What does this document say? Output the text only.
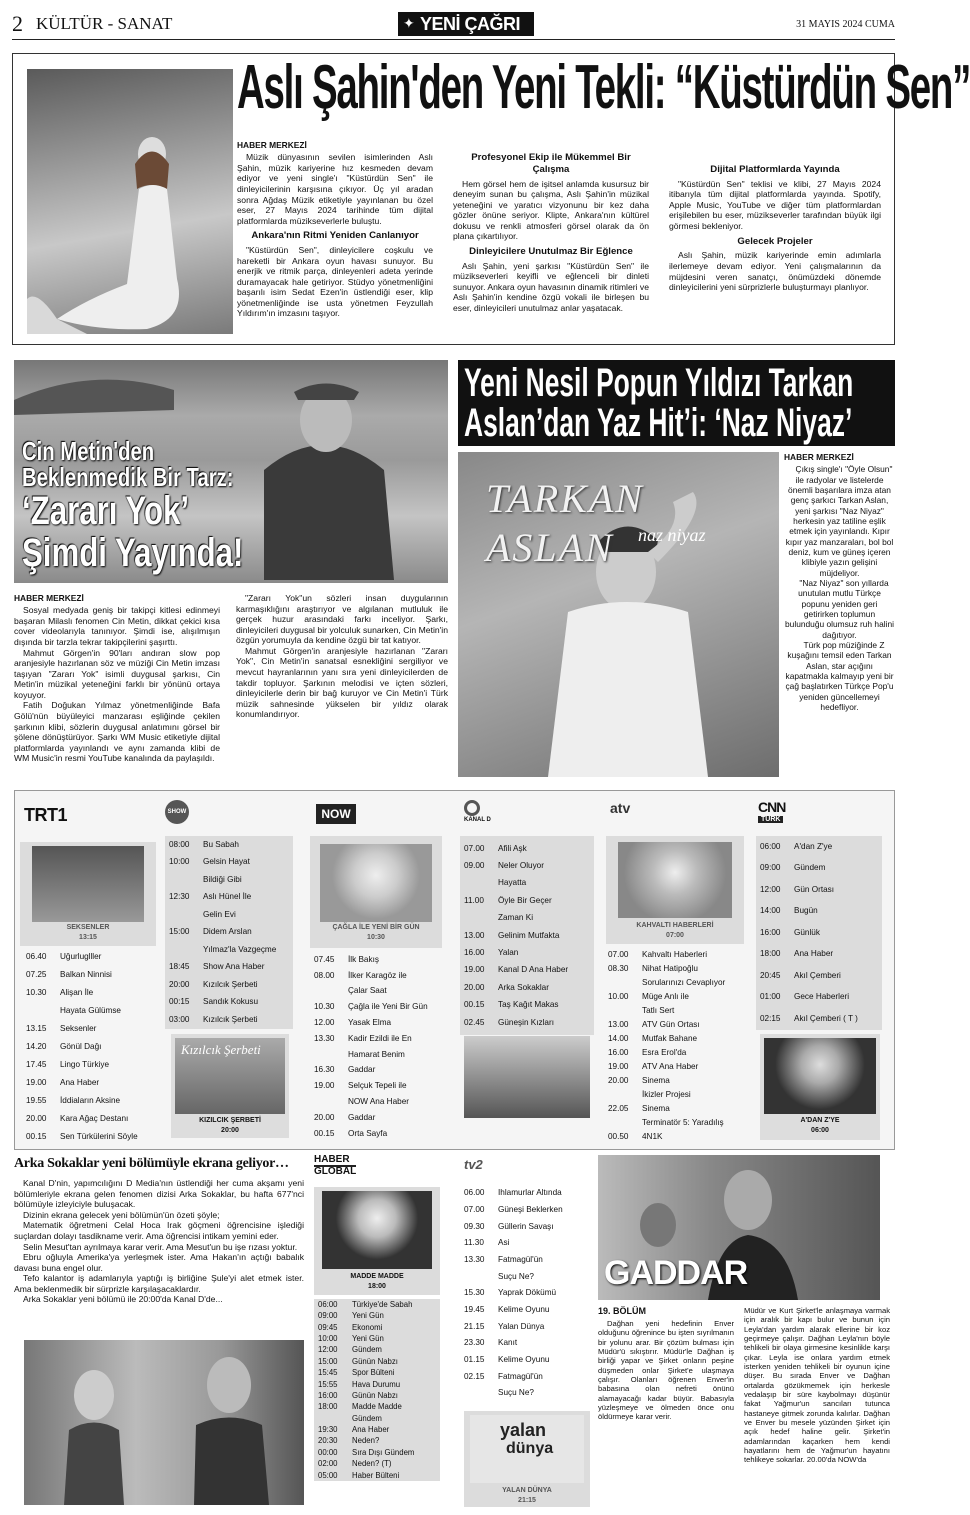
2 KÜLTÜR - SANAT	✦ YENİ ÇAĞRI	31 MAYIS 2024 CUMA
Aslı Şahin'den Yeni Tekli: “Küstürdün Sen”
HABER MERKEZİ

Müzik dünyasının sevilen isimlerinden Aslı Şahin, müzik kariyerine hız kesmeden devam ediyor ve yeni single'ı "Küstürdün Sen" ile dinleyicilerinin karşısına çıkıyor. Üç yıl aradan sonra Ağdaş Müzik etiketiyle yayınlanan bu özel eser, 27 Mayıs 2024 tarihinde tüm dijital platformlarda müzikseverlerle buluştu.

Ankara'nın Ritmi Yeniden Canlanıyor

"Küstürdün Sen", dinleyicilere coşkulu ve hareketli bir Ankara oyun havası sunuyor. Bu enerjik ve ritmik parça, dinleyenleri adeta yerinde duramayacak hale getiriyor. Stüdyo yönetmenliğini başarılı isim Sedat Ezen'in üstlendiği eser, klip yönetmenliğinde ise usta yönetmen Feyzullah Yıldırım'ın imzasını taşıyor.

Profesyonel Ekip ile Mükemmel Bir Çalışma

Hem görsel hem de işitsel anlamda kusursuz bir deneyim sunan bu çalışma, Aslı Şahin'in müzikal yeteneğini ve yaratıcı vizyonunu bir kez daha gözler önüne seriyor. Klipte, Ankara'nın kültürel dokusu ve renkli atmosferi görsel olarak da ön plana çıkartılıyor.

Dinleyicilere Unutulmaz Bir Eğlence

Aslı Şahin, yeni şarkısı "Küstürdün Sen" ile müzikseverleri keyifli ve eğlenceli bir dinleti sunuyor. Ankara oyun havasının dinamik ritimleri ve Aslı Şahin'in kendine özgü vokali ile birleşen bu eser, dinleyicileri unutulmaz anlar yaşatacak.

Dijital Platformlarda Yayında

"Küstürdün Sen" teklisi ve klibi, 27 Mayıs 2024 itibarıyla tüm dijital platformlarda yayında. Spotify, Apple Music, YouTube ve diğer tüm platformlardan erişilebilen bu eser, müzikseverler tarafından büyük ilgi görmesi bekleniyor.

Gelecek Projeler

Aslı Şahin, müzik kariyerinde emin adımlarla ilerlemeye devam ediyor. Yeni çalışmalarının da müjdesini veren sanatçı, önümüzdeki dönemde dinleyicilerini yeni sürprizlerle buluşturmayı planlıyor.

Cin Metin'den
Beklenmedik Bir Tarz:
‘Zararı Yok’
Şimdi Yayında!
HABER MERKEZİ

Sosyal medyada geniş bir takipçi kitlesi edinmeyi başaran Milaslı fenomen Cin Metin, dikkat çekici kısa cover videolarıyla tanınıyor. Şimdi ise, alışılmışın dışında bir tarzla tekrar takipçilerini şaşırttı.

Mahmut Görgen'in 90'ları andıran slow pop aranjesiyle hazırlanan söz ve müziği Cin Metin imzası taşıyan "Zararı Yok" isimli duygusal şarkısı, Cin Metin'in müzikal yeteneğini farklı bir yönünü ortaya koyuyor.

Fatih Doğukan Yılmaz yönetmenliğinde Bafa Gölü'nün büyüleyici manzarası eşliğinde çekilen şarkının klibi, sözlerin duygusal anlatımını görsel bir şölene dönüştürüyor. Şarkı WM Music etiketiyle dijital platformlarda yayınlandı ve aynı zamanda klibi de WM Music'in resmi YouTube kanalında da paylaşıldı.

"Zararı Yok"un sözleri insan duygularının karmaşıklığını araştırıyor ve algılanan mutluluk ile gerçek huzur arasındaki farkı inceliyor. Şarkı, dinleyicileri duygusal bir yolculuk sunarken, Cin Metin'in özgün yorumuyla da kendine özgü bir tat katıyor.

Mahmut Görgen'in aranjesiyle hazırlanan "Zararı Yok", Cin Metin'in sanatsal esnekliğini sergiliyor ve mevcut hayranlarının yanı sıra yeni dinleyicilerden de takdir topluyor. Şarkının melodisi ve içten sözleri, dinleyicilerle derin bir bağ kuruyor ve Cin Metin'i Türk müzik sahnesinde yükselen bir yıldız olarak konumlandırıyor.

Yeni Nesil Popun Yıldızı Tarkan
Aslan’dan Yaz Hit’i: ‘Naz Niyaz’
TARKAN ASLAN	naz niyaz
HABER MERKEZİ

Çıkış single'ı "Öyle Olsun" ile radyolar ve listelerde önemli başarılara imza atan genç şarkıcı Tarkan Aslan, yeni şarkısı "Naz Niyaz" herkesin yaz tatiline eşlik etmek için yayınlandı. Kıpır kıpır yaz manzaraları, bol bol deniz, kum ve güneş içeren klibiyle yazın gelişini müjdeliyor.

"Naz Niyaz" son yıllarda unutulan mutlu Türkçe popunu yeniden geri getirirken toplumun bulunduğu olumsuz ruh halini dağıtıyor.

Türk pop müziğinde Z kuşağını temsil eden Tarkan Aslan, star açığını kapatmakla kalmayıp yeni bir çağ başlatırken Türkçe Pop'u yeniden güncellemeyi hedefliyor.

TRT1
SEKSENLER
13:15
06.40	Uğurluglller
07.25	Balkan Ninnisi
10.30	Alişan İle
Hayata Gülümse
13.15	Seksenler
14.20	Gönül Dağı
17.45	Lingo Türkiye
19.00	Ana Haber
19.55	İddiaların Aksine
20.00	Kara Ağaç Destanı
00.15	Sen Türkülerini Söyle
SHOW
08:00	Bu Sabah
10:00	Gelsin Hayat
Bildiği Gibi
12:30	Aslı Hünel İle
Gelin Evi
15:00	Didem Arslan
Yılmaz'la Vazgeçme
18:45	Show Ana Haber
20:00	Kızılcık Şerbeti
00:15	Sandık Kokusu
03:00	Kızılcık Şerbeti
Kızılcık Şerbeti
KIZILCIK ŞERBETİ
20:00
NOW
ÇAĞLA İLE YENİ BİR GÜN
10:30
07.45	İlk Bakış
08.00	İlker Karagöz ile
Çalar Saat
10.30	Çağla ile Yeni Bir Gün
12.00	Yasak Elma
13.30	Kadir Ezildi ile En
Hamarat Benim
16.30	Gaddar
19.00	Selçuk Tepeli ile
NOW Ana Haber
20.00	Gaddar
00.15	Orta Sayfa
KANAL D
07.00	Afili Aşk
09.00	Neler Oluyor
Hayatta
11.00	Öyle Bir Geçer
Zaman Ki
13.00	Gelinim Mutfakta
16.00	Yalan
19.00	Kanal D Ana Haber
20.00	Arka Sokaklar
00.15	Taş Kağıt Makas
02.45	Güneşin Kızları
atv
KAHVALTI HABERLERİ
07:00
07.00	Kahvaltı Haberleri
08.30	Nihat Hatipoğlu
Sorularınızı Cevaplıyor
10.00	Müge Anlı ile
Tatlı Sert
13.00	ATV Gün Ortası
14.00	Mutfak Bahane
16.00	Esra Erol'da
19.00	ATV Ana Haber
20.00	Sinema
İkizler Projesi
22.05	Sinema
Terminatör 5: Yaradılış
00.50	4N1K
CNN
TÜRK
06:00	A'dan Z'ye
09:00	Gündem
12:00	Gün Ortası
14:00	Bugün
16:00	Günlük
18:00	Ana Haber
20:45	Akıl Çemberi
01:00	Gece Haberleri
02:15	Akıl Çemberi ( T )
A'DAN Z'YE
06:00
Arka Sokaklar yeni bölümüyle ekrana geliyor…

Kanal D'nin, yapımcılığını D Media'nın üstlendiği her cuma akşamı yeni bölümleriyle ekrana gelen fenomen dizisi Arka Sokaklar, bu hafta 677'nci bölümüyle izleyiciyle buluşacak.

Dizinin ekrana gelecek yeni bölümün'ün özeti şöyle;

Matematik öğretmeni Celal Hoca Irak göçmeni öğrencisine işlediği suçlardan dolayı tasdikname verir. Ama öğrencisi intikam yemini eder.

Selin Mesut'tan ayrılmaya karar verir. Ama Mesut'un bu işe rızası yoktur.

Ebru oğluyla Amerika'ya yerleşmek ister. Ama Hakan'ın açtığı babalık davası buna engel olur.

Tefo kalantor iş adamlarıyla yaptığı iş birliğine Şule'yi alet etmek ister. Ama beklenmedik bir sürprizle karşılaşacaklardır.

Arka Sokaklar yeni bölümü ile 20:00'da Kanal D'de...

HABER
GLOBAL
MADDE MADDE
18:00
06:00	Türkiye'de Sabah
09:00	Yeni Gün
09:45	Ekonomi
10:00	Yeni Gün
12:00	Gündem
15:00	Günün Nabzı
15:45	Spor Bülteni
15:55	Hava Durumu
16:00	Günün Nabzı
18:00	Madde Madde
Gündem
19:30	Ana Haber
20:30	Neden?
00:00	Sıra Dışı Gündem
02:00	Neden? (T)
05:00	Haber Bülteni
tv2
06.00	Ihlamurlar Altında
07.00	Güneşi Beklerken
09.30	Güllerin Savaşı
11.30	Asi
13.30	Fatmagül'ün
Suçu Ne?
15.30	Yaprak Dökümü
19.45	Kelime Oyunu
21.15	Yalan Dünya
23.30	Kanıt
01.15	Kelime Oyunu
02.15	Fatmagül'ün
Suçu Ne?
yalan
dünya
YALAN DÜNYA
21:15
GADDAR
19. BÖLÜM

Dağhan yeni hedefinin Enver olduğunu öğrenince bu işten sıyrılmanın bir yolunu arar. Bir çözüm bulması için Müdür'ü sıkıştırır. Müdür'le Dağhan iş birliği yapar ve Şirket onların peşine düşmeden onlar Şirket'e ulaşmaya çalışır. Olanları öğrenen Enver'in babasına olan nefreti önünü alamayacağı kadar büyür. Babasıyla yüzleşmeye ve ölmeden önce onu öldürmeye karar verir.

Müdür ve Kurt Şirket'le anlaşmaya varmak için aralık bir kapı bulur ve bunun için Leyla'dan yardım alarak ellerine bir koz geçirmeye çalışır. Dağhan Leyla'nın böyle tehlikeli bir olaya girmesine kesinlikle karşı çıkar. Leyla ise onlara yardım etmek isterken yeniden tehlikeli bir oyunun içine düşer. Bu sırada Enver ve Dağhan ortalarda gözükmemek için herkesle vedalaşıp bir süre kaybolmayı düşünür fakat Yağmur'un sancıları tutunca hastaneye gitmek zorunda kalırlar. Dağhan ve Enver bu mesele yüzünden Şirket için açık hedef haline gelir. Şirket'in adamlarından kaçarken hem kendi hayatlarını hem de Yağmur'un hayatını tehlikeye sokarlar. 20.00'da NOW'da
